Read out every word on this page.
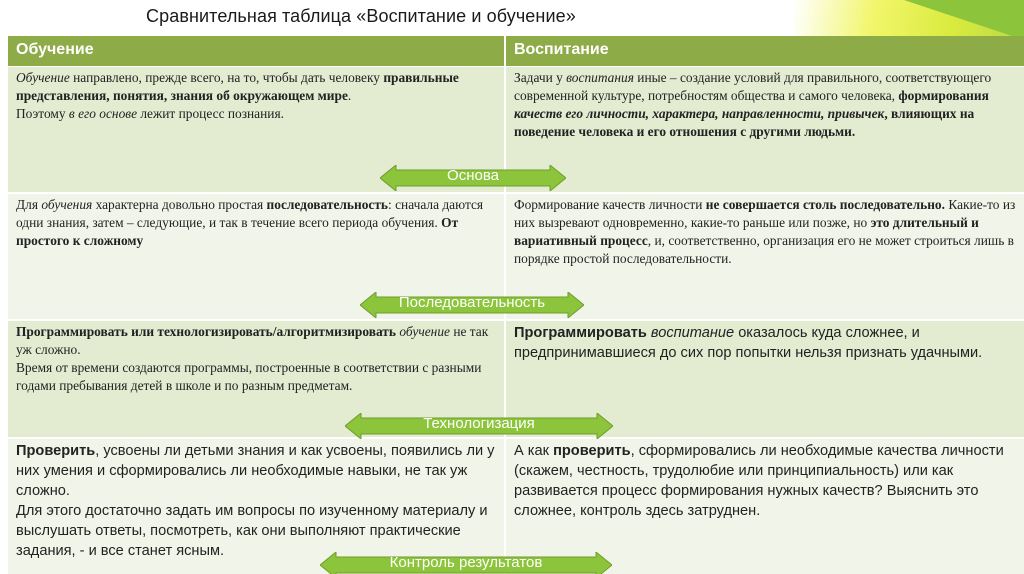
Сравнительная таблица «Воспитание и обучение»
Обучение	Воспитание
Обучение направлено, прежде всего, на то, чтобы дать человеку правильные представления, понятия, знания об окружающем мире.
Поэтому в его основе лежит процесс познания.
Задачи у воспитания иные – создание условий для правильного, соответствующего современной культуре, потребностям общества и самого человека, формирования качеств его личности, характера, направленности, привычек, влияющих на поведение человека и его отношения с другими людьми.
Для обучения характерна довольно простая последовательность: сначала даются одни знания, затем – следующие, и так в течение всего периода обучения. От простого к сложному
Формирование качеств личности не совершается столь последовательно. Какие-то из них вызревают одновременно, какие-то раньше или позже, но это длительный и вариативный процесс, и, соответственно, организация его не может строиться лишь в порядке простой последовательности.
Программировать или технологизировать/алгоритмизировать обучение не так уж сложно.
Время от времени создаются программы, построенные в соответствии с разными годами пребывания детей в школе и по разным предметам.
Программировать воспитание оказалось куда сложнее, и предпринимавшиеся до сих пор попытки нельзя признать удачными.
Проверить, усвоены ли детьми знания и как усвоены, появились ли у них умения и сформировались ли необходимые навыки, не так уж сложно.
Для этого достаточно задать им вопросы по изученному материалу и выслушать ответы, посмотреть, как они выполняют практические задания, - и все станет ясным.
А как проверить, сформировались ли необходимые качества личности (скажем, честность, трудолюбие или принципиальность) или как развивается процесс формирования нужных качеств? Выяснить это сложнее, контроль здесь затруднен.
Основа
Последовательность
Технологизация
Контроль результатов
